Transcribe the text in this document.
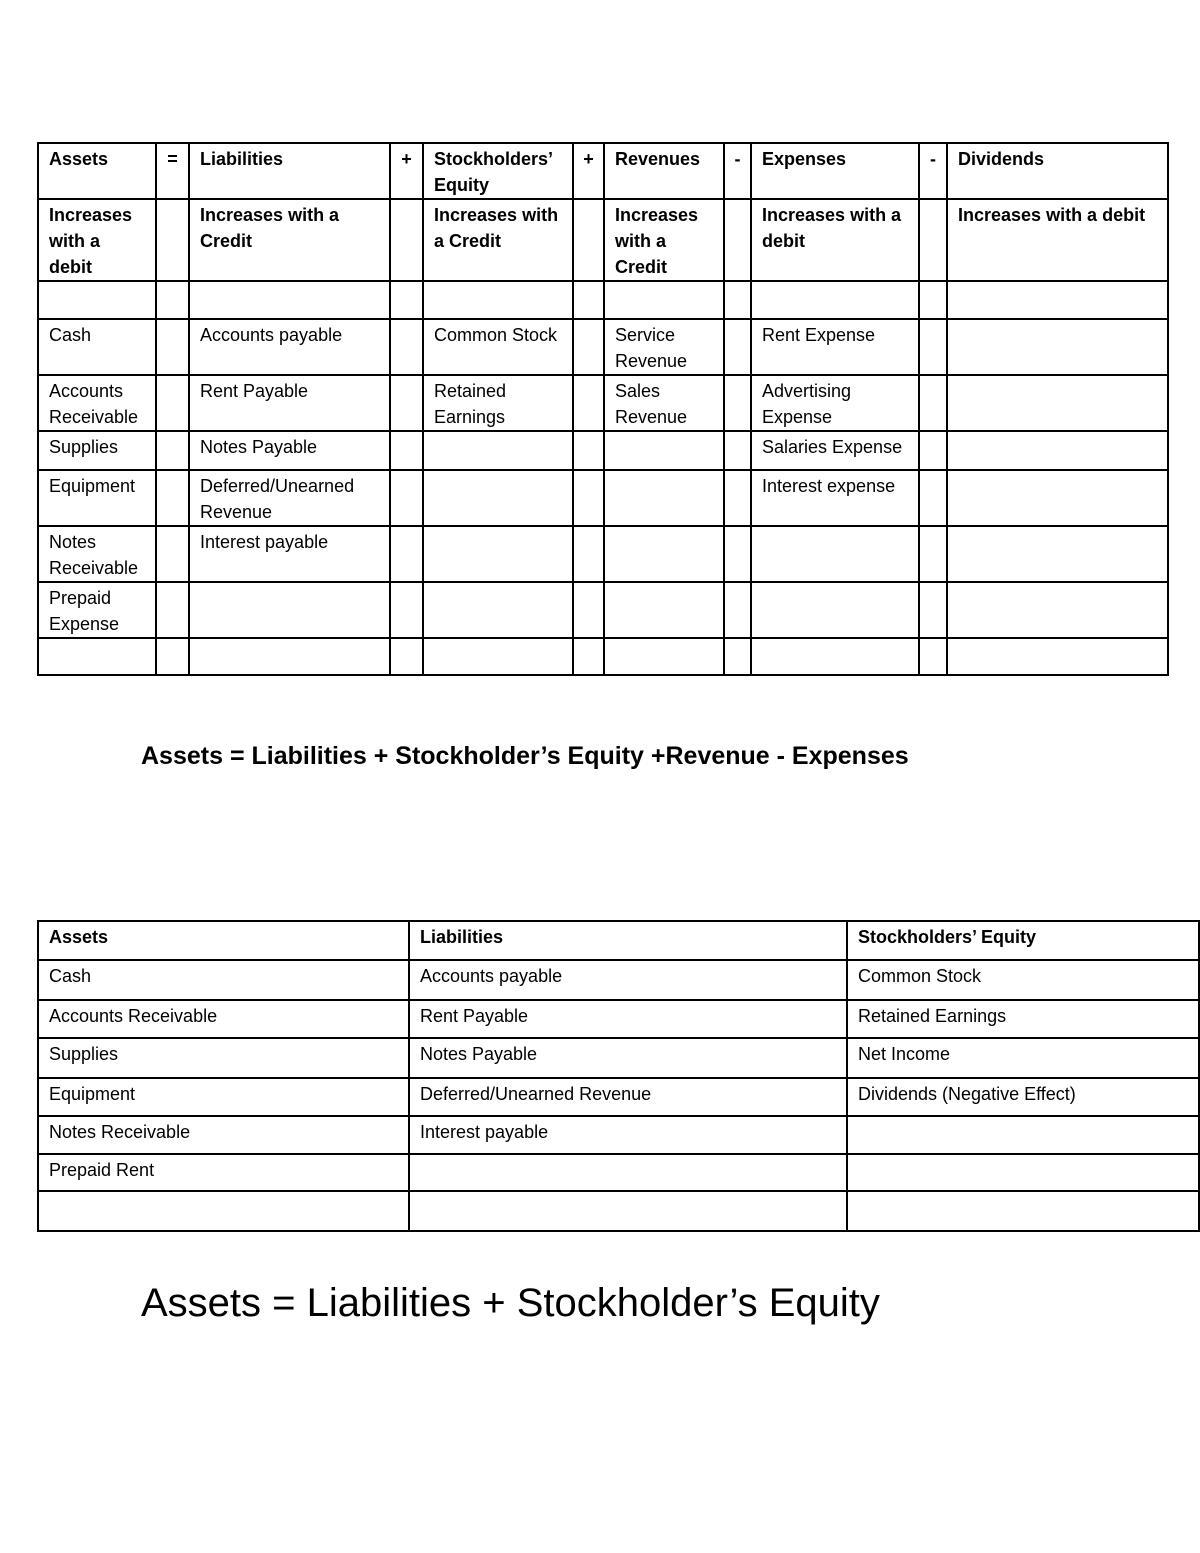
Assets	=	Liabilities	+	Stockholders’ Equity	+	Revenues	-	Expenses	-	Dividends
Increases with a debit		Increases with a Credit		Increases with a Credit		Increases with a Credit		Increases with a debit		Increases with a debit

Cash		Accounts payable		Common Stock		Service Revenue		Rent Expense		
Accounts Receivable		Rent Payable		Retained Earnings		Sales Revenue		Advertising Expense		
Supplies		Notes Payable						Salaries Expense		
Equipment		Deferred/Unearned Revenue						Interest expense		
Notes Receivable		Interest payable								
Prepaid Expense										

Assets = Liabilities + Stockholder’s Equity +Revenue - Expenses
Assets	Liabilities	Stockholders’ Equity
Cash	Accounts payable	Common Stock
Accounts Receivable	Rent Payable	Retained Earnings
Supplies	Notes Payable	Net Income
Equipment	Deferred/Unearned Revenue	Dividends (Negative Effect)
Notes Receivable	Interest payable	
Prepaid Rent		

Assets = Liabilities + Stockholder’s Equity
